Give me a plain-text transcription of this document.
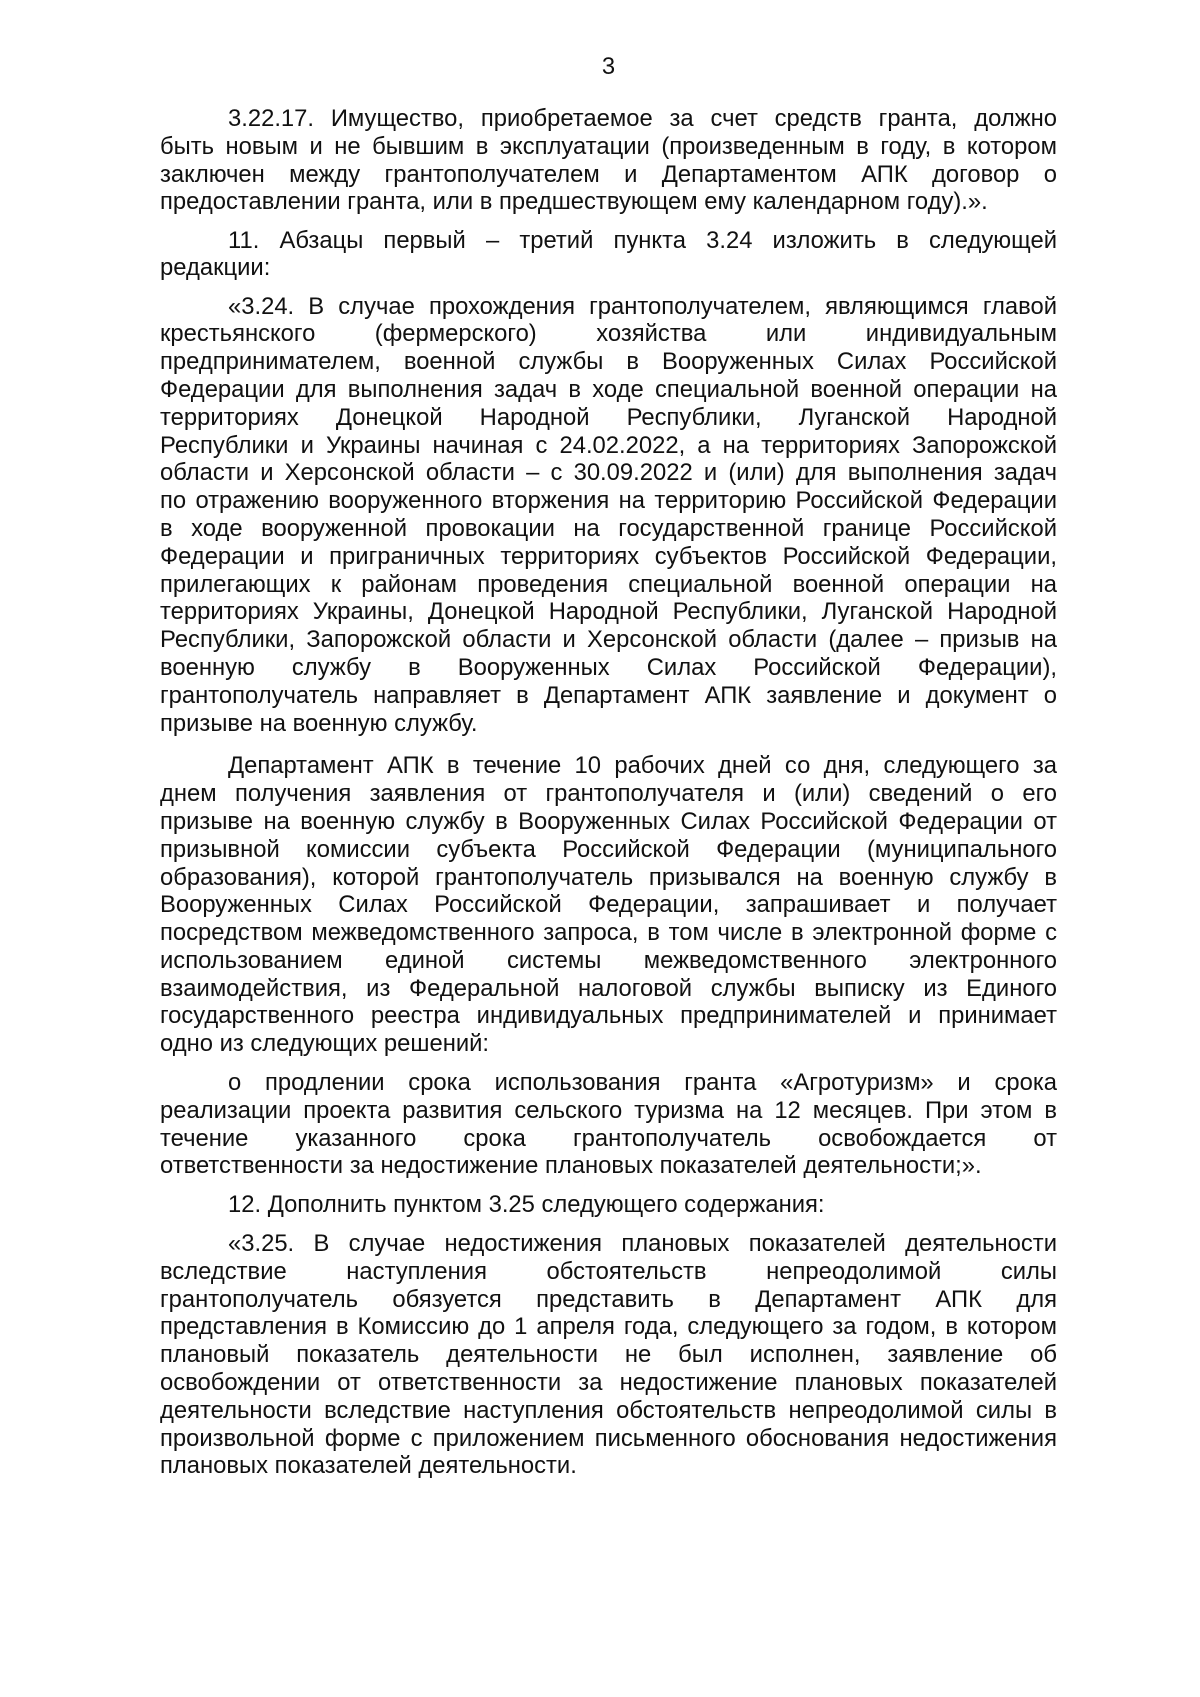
3
3.22.17. Имущество, приобретаемое за счет средств гранта, должно
быть новым и не бывшим в эксплуатации (произведенным в году, в котором
заключен между грантополучателем и Департаментом АПК договор о
предоставлении гранта, или в предшествующем ему календарном году).».
11. Абзацы первый – третий пункта 3.24 изложить в следующей
редакции:
«3.24. В случае прохождения грантополучателем, являющимся главой
крестьянского (фермерского) хозяйства или индивидуальным
предпринимателем, военной службы в Вооруженных Силах Российской
Федерации для выполнения задач в ходе специальной военной операции на
территориях Донецкой Народной Республики, Луганской Народной
Республики и Украины начиная с 24.02.2022, а на территориях Запорожской
области и Херсонской области – с 30.09.2022 и (или) для выполнения задач
по отражению вооруженного вторжения на территорию Российской Федерации
в ходе вооруженной провокации на государственной границе Российской
Федерации и приграничных территориях субъектов Российской Федерации,
прилегающих к районам проведения специальной военной операции на
территориях Украины, Донецкой Народной Республики, Луганской Народной
Республики, Запорожской области и Херсонской области (далее – призыв на
военную службу в Вооруженных Силах Российской Федерации),
грантополучатель направляет в Департамент АПК заявление и документ о
призыве на военную службу.
Департамент АПК в течение 10 рабочих дней со дня, следующего за
днем получения заявления от грантополучателя и (или) сведений о его
призыве на военную службу в Вооруженных Силах Российской Федерации от
призывной комиссии субъекта Российской Федерации (муниципального
образования), которой грантополучатель призывался на военную службу в
Вооруженных Силах Российской Федерации, запрашивает и получает
посредством межведомственного запроса, в том числе в электронной форме с
использованием единой системы межведомственного электронного
взаимодействия, из Федеральной налоговой службы выписку из Единого
государственного реестра индивидуальных предпринимателей и принимает
одно из следующих решений:
о продлении срока использования гранта «Агротуризм» и срока
реализации проекта развития сельского туризма на 12 месяцев. При этом в
течение указанного срока грантополучатель освобождается от
ответственности за недостижение плановых показателей деятельности;».
12. Дополнить пунктом 3.25 следующего содержания:
«3.25. В случае недостижения плановых показателей деятельности
вследствие наступления обстоятельств непреодолимой силы
грантополучатель обязуется представить в Департамент АПК для
представления в Комиссию до 1 апреля года, следующего за годом, в котором
плановый показатель деятельности не был исполнен, заявление об
освобождении от ответственности за недостижение плановых показателей
деятельности вследствие наступления обстоятельств непреодолимой силы в
произвольной форме с приложением письменного обоснования недостижения
плановых показателей деятельности.
